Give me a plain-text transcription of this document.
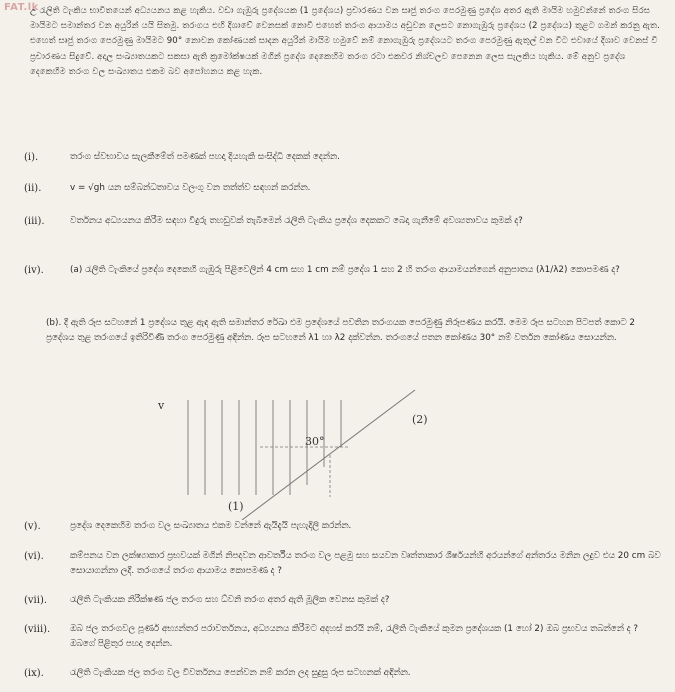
FAT.lk
උ රැලිති ටැංකිය භාවිතයෙන් අධ්‍යයනය කළ හැකිය. වඩා ගැඹුරු ප්‍රදේශයක (1 ප්‍රදේශය) ප්‍රචාරණය වන සෘජු තරංග පෙරමුණු ප්‍රදේශ අතර ඇති මායිම හමුවන්නේ තරංග සිරස මායිමට සමාන්තර වන අයුරින් යයි සිතමු. තරංගය එහි දිශාවේ වෙනසක් නොවී එහෙත් තරංග ආයාමය අඩුවන ලෙසට නොගැඹුරු ප්‍රදේශය (2 ප්‍රදේශය) තුළට ගමන් කරනු ඇත. එහෙත් සෘජු තරංග පෙරමුණු මායිමට 90° නොවන කෝණයක් සාදන අයුරින් මායිම හමුවේ නම් නොගැඹුරු ප්‍රදේශයට තරංග පෙරමුණු ඇතුල් වන විට එවායේ දිශාව වෙනස් වී ප්‍රචාරණය සිදුවේ. අදාල සංඛ්‍යාතයකට සකසා ඇති ක්‍රමෝක්ෂයක් මගින් ප්‍රදේශ දෙකෙහිම තරංග රටා එකවර නිශ්චලව පෙනෙන ලෙස සැලකිය හැකිය. මේ අනුව ප්‍රදේශ දෙකෙහිම තරංග වල සංඛ්‍යාතය එකම බව අපෝහනය කළ හැක.
(i).	තරංග ස්වභාවය සැලකීමේත් පමණක් පහදා දියහැකි සංසිද්ධි දෙකක් දෙන්න.
(ii).	v = √gh යන සම්බන්ධතාවය වලංගු වන තත්ත්ව සඳහන් කරන්න.
(iii).	වර්තනය අධ්‍යයනය කිරීම සඳහා වීදුරු තහඩුවක් තැබීමෙන් රැලිති ටැංකිය ප්‍රදේශ දෙකකට බෙදා ගැනීමේ අවශ්‍යතාවය කුමක් ද?
(iv).	(a) රැලිති ටැංකියේ ප්‍රදේශ දෙකෙහි ගැඹුරු පිළිවෙලින් 4 cm සහ 1 cm නම් ප්‍රදේශ 1 සහ 2 හි තරංග ආයාමයන්ගෙන් අනුපාතය (λ1/λ2) කොපමණ ද?
(b). දී ඇති රූප සටහනේ 1 ප්‍රදේශය තුළ ඇඳ ඇති සමාන්තර රේඛා එම ප්‍රදේශයේ පවතින තරංගයක පෙරමුණු නිරූපණය කරයි. මෙම රූප සටහන පිටපත් කොට 2 ප්‍රදේශය තුළ තරංගයේ ඉතිරිවිණි තරංග පෙරමුණු අඳින්න. රූප සටහනේ λ1 හා λ2 දක්වන්න. තරංගයේ පතන කෝණය 30° නම් වර්තන කෝණය සොයන්න.
v
30°
(1)
(2)
(v).	ප්‍රදේශ දෙකෙහිම තරංග වල සංඛ්‍යාතය එකම වන්නේ ඇයිදැයි පැහැදිලි කරන්න.
(vi).	කම්පනය වන ලක්ෂ්‍යාකාර ප්‍රභවයක් මගින් නිපදවන ආවර්තීය තරංග වල පළමු සහ සයවන වෘත්තාකාර ශීර්ෂයන්හි අරයන්ගේ අන්තරය මනින ලදුව එය 20 cm බව සොයාගන්නා ලදී. තරංගයේ තරංග ආයාමය කොපමණ ද ?
(vii).	රැලිති ටැංකියක නිරීක්ෂණ ජල තරංග සහ ධ්වනි තරංග අතර ඇති මූලික වෙනස කුමක් ද?
(viii). ඔබ ජල තරංගවල පූර්ණ අභ්‍යන්තර පරාවර්තනය, අධ්‍යයනය කිරීමට අදහස් කරයි නම්, රැලිති ටැංකියේ කුමන ප්‍රදේශයක (1 හෝ 2) ඔබ ප්‍රභවය තබන්නේ ද ? ඔබගේ පිළිතුර පහදා දෙන්න.
(ix).	රැලිති ටැංකියක ජල තරංග වල විවර්තනය පෙන්වන නම් කරන ලද සුදුසු රූප සටහනක් අඳින්න.
